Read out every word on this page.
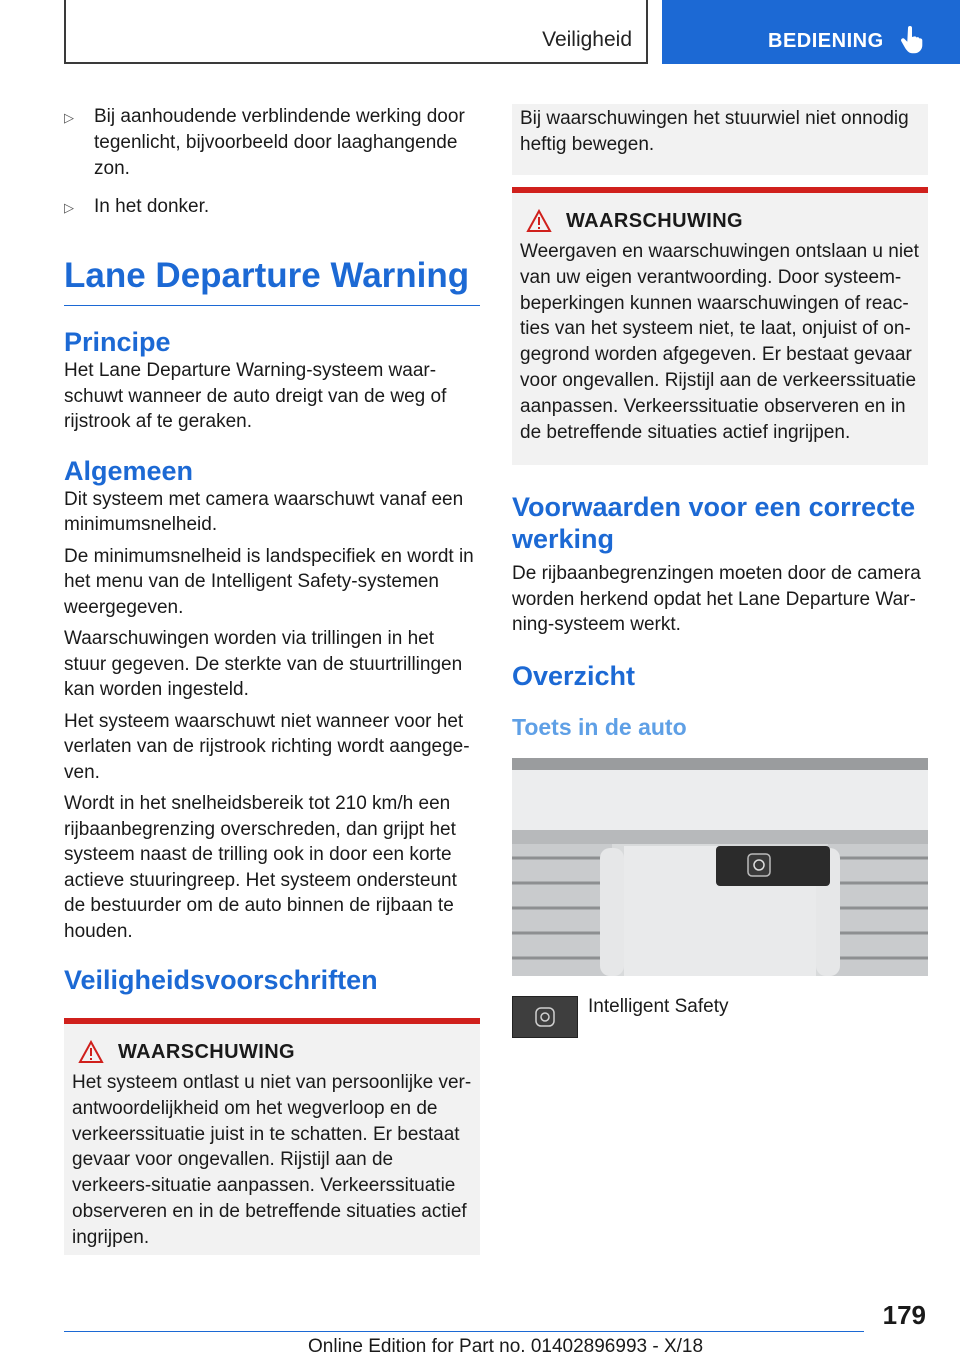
Veiligheid	BEDIENING
▷	Bij aanhoudende verblindende werking door tegenlicht, bijvoorbeeld door laaghangende zon.
▷	In het donker.
Lane Departure Warning
Principe

Het Lane Departure Warning-systeem waar-schuwt wanneer de auto dreigt van de weg of rijstrook af te geraken.

Algemeen

Dit systeem met camera waarschuwt vanaf een minimumsnelheid.

De minimumsnelheid is landspecifiek en wordt in het menu van de Intelligent Safety-systemen weergegeven.

Waarschuwingen worden via trillingen in het stuur gegeven. De sterkte van de stuurtrillingen kan worden ingesteld.

Het systeem waarschuwt niet wanneer voor het verlaten van de rijstrook richting wordt aangege-ven.

Wordt in het snelheidsbereik tot 210 km/h een rijbaanbegrenzing overschreden, dan grijpt het systeem naast de trilling ook in door een korte actieve stuuringreep. Het systeem ondersteunt de bestuurder om de auto binnen de rijbaan te houden.

Veiligheidsvoorschriften
WAARSCHUWING
Het systeem ontlast u niet van persoonlijke ver-antwoordelijkheid om het wegverloop en de verkeerssituatie juist in te schatten. Er bestaat gevaar voor ongevallen. Rijstijl aan de verkeers-situatie aanpassen. Verkeerssituatie observeren en in de betreffende situaties actief ingrijpen.
Bij waarschuwingen het stuurwiel niet onnodig heftig bewegen.
WAARSCHUWING
Weergaven en waarschuwingen ontslaan u niet van uw eigen verantwoording. Door systeem-beperkingen kunnen waarschuwingen of reac-ties van het systeem niet, te laat, onjuist of on-gegrond worden afgegeven. Er bestaat gevaar voor ongevallen. Rijstijl aan de verkeerssituatie aanpassen. Verkeerssituatie observeren en in de betreffende situaties actief ingrijpen.
Voorwaarden voor een correcte werking

De rijbaanbegrenzingen moeten door de camera worden herkend opdat het Lane Departure War-ning-systeem werkt.

Overzicht
Toets in de auto
Intelligent Safety
179
Online Edition for Part no. 01402896993 - X/18
